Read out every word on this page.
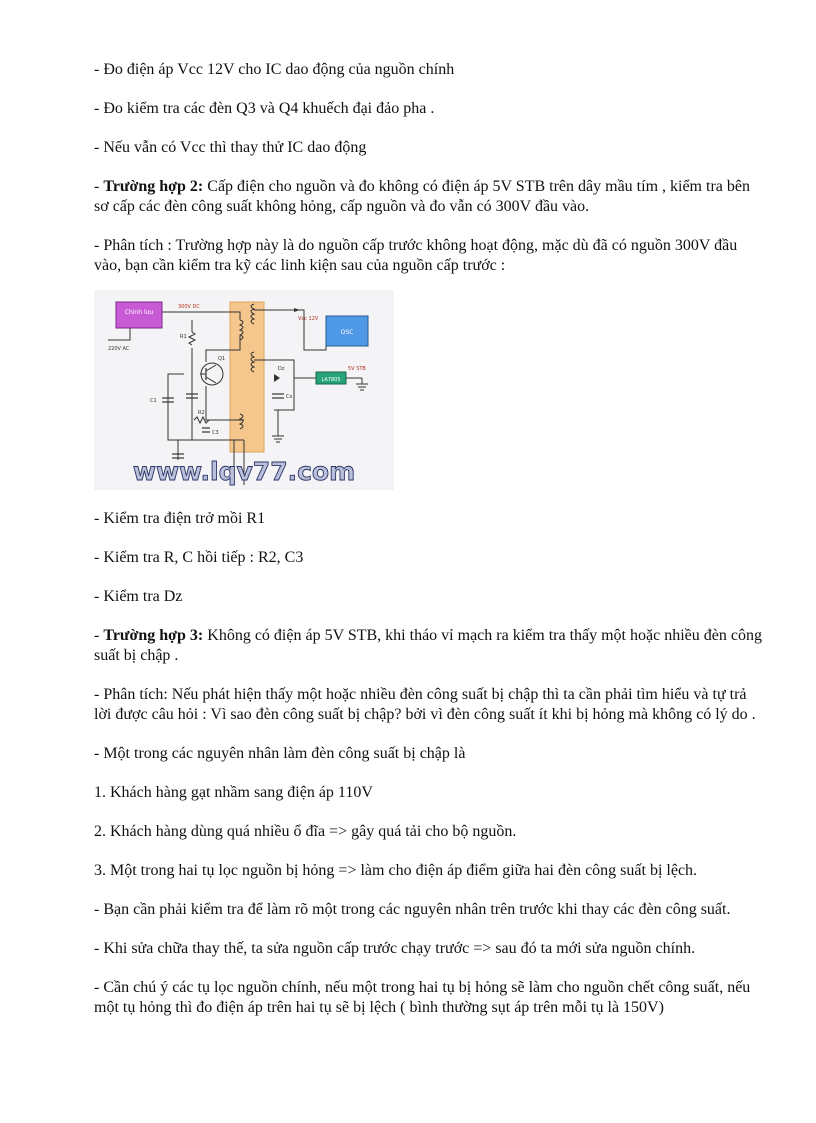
- Đo điện áp Vcc 12V cho IC dao động của nguồn chính

- Đo kiểm tra các đèn Q3 và Q4 khuếch đại đảo pha .

- Nếu vẫn có Vcc thì thay thử IC dao động

- Trường hợp 2: Cấp điện cho nguồn và đo không có điện áp 5V STB trên dây mầu tím , kiểm tra bên sơ cấp các đèn công suất không hỏng, cấp nguồn và đo vẫn có 300V đầu vào.

- Phân tích : Trường hợp này là do nguồn cấp trước không hoạt động, mặc dù đã có nguồn 300V đầu vào, bạn cần kiểm tra kỹ các linh kiện sau của nguồn cấp trước :

Chính lưu
OSC
LA7805
300V DC
Vcc 12V
5V STB
220V AC
R1
Q1
C1
R2
C3
Cx
Dz
www.lqv77.com

- Kiểm tra điện trở mồi R1

- Kiểm tra R, C hồi tiếp : R2, C3

- Kiểm tra Dz

- Trường hợp 3: Không có điện áp 5V STB, khi tháo vỉ mạch ra kiểm tra thấy một hoặc nhiều đèn công suất bị chập .

- Phân tích: Nếu phát hiện thấy một hoặc nhiều đèn công suất bị chập thì ta cần phải tìm hiểu và tự trả lời được câu hỏi : Vì sao đèn công suất bị chập? bởi vì đèn công suất ít khi bị hỏng mà không có lý do .

- Một trong các nguyên nhân làm đèn công suất bị chập là

1. Khách hàng gạt nhầm sang điện áp 110V

2. Khách hàng dùng quá nhiều ổ đĩa => gây quá tải cho bộ nguồn.

3. Một trong hai tụ lọc nguồn bị hỏng => làm cho điện áp điểm giữa hai đèn công suất bị lệch.

- Bạn cần phải kiểm tra để làm rõ một trong các nguyên nhân trên trước khi thay các đèn công suất.

- Khi sửa chữa thay thế, ta sửa nguồn cấp trước chạy trước => sau đó ta mới sửa nguồn chính.

- Cần chú ý các tụ lọc nguồn chính, nếu một trong hai tụ bị hỏng sẽ làm cho nguồn chết công suất, nếu một tụ hỏng thì đo điện áp trên hai tụ sẽ bị lệch ( bình thường sụt áp trên mỗi tụ là 150V)
